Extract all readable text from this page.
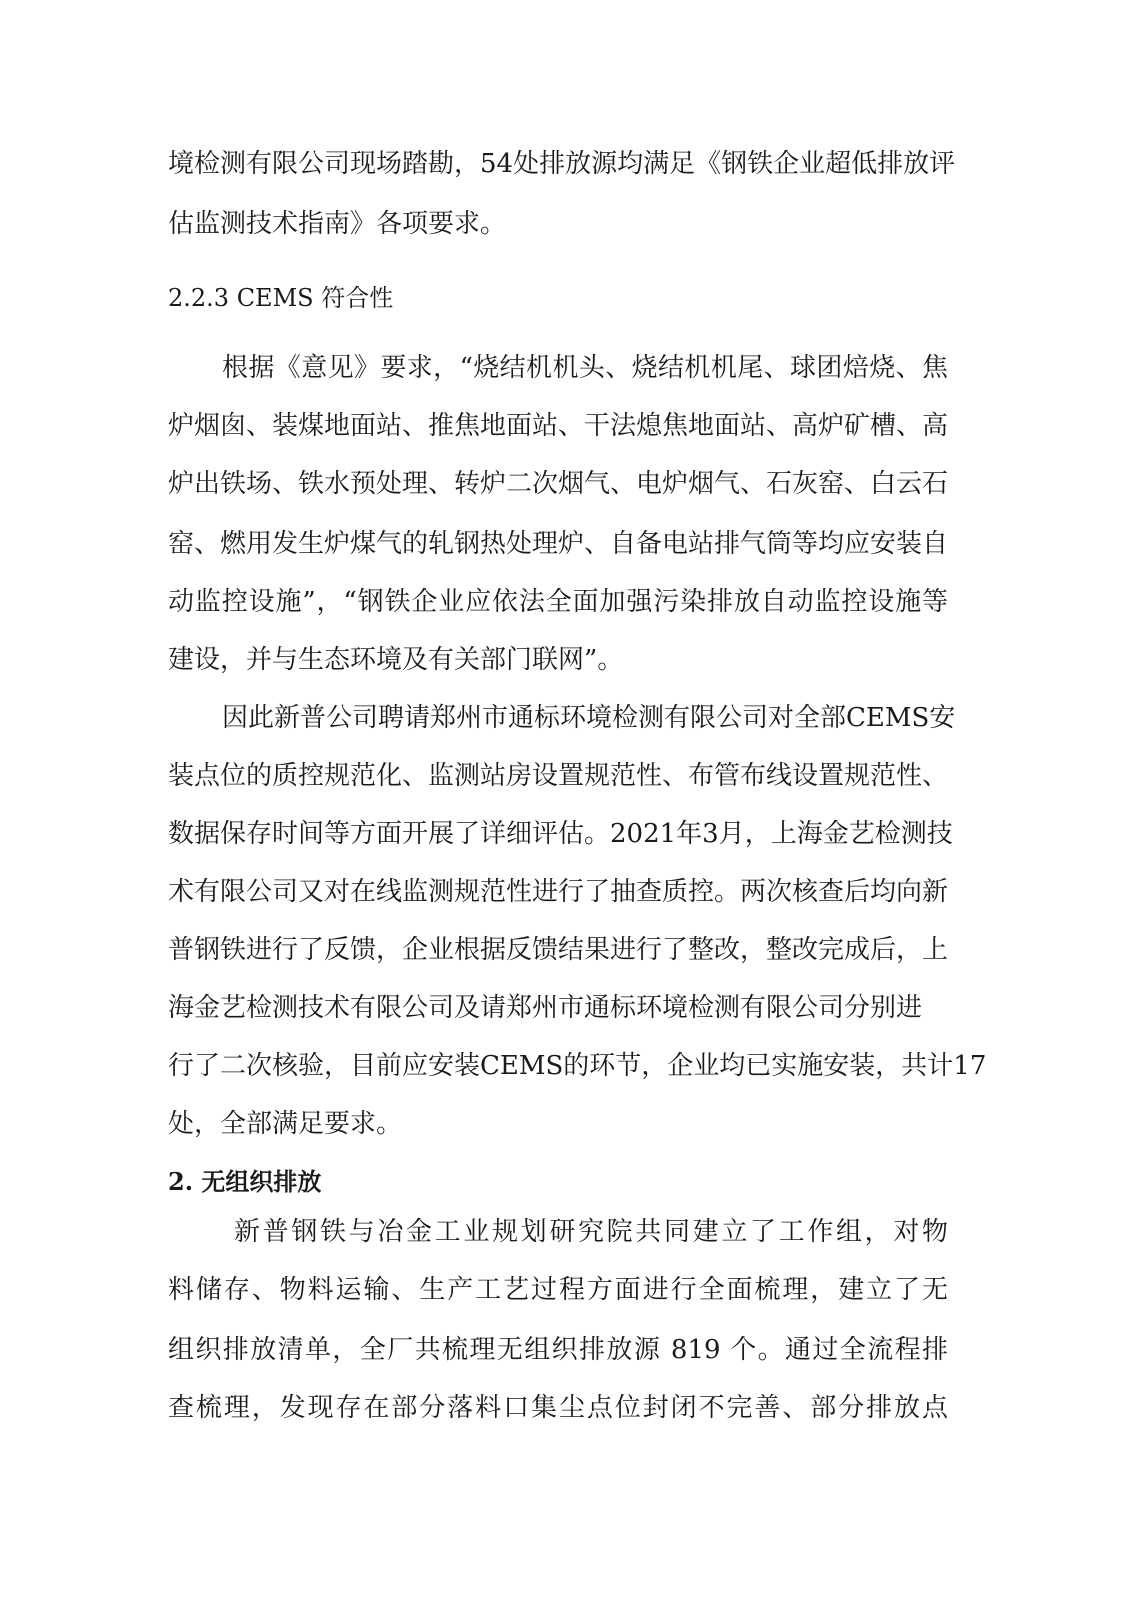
境检测有限公司现场踏勘，54处排放源均满足《钢铁企业超低排放评
估监测技术指南》各项要求。
2.2.3 CEMS 符合性
根据《意见》要求，“烧结机机头、烧结机机尾、球团焙烧、焦
炉烟囱、装煤地面站、推焦地面站、干法熄焦地面站、高炉矿槽、高
炉出铁场、铁水预处理、转炉二次烟气、电炉烟气、石灰窑、白云石
窑、燃用发生炉煤气的轧钢热处理炉、自备电站排气筒等均应安装自
动监控设施”，“钢铁企业应依法全面加强污染排放自动监控设施等
建设，并与生态环境及有关部门联网”。
因此新普公司聘请郑州市通标环境检测有限公司对全部CEMS安
装点位的质控规范化、监测站房设置规范性、布管布线设置规范性、
数据保存时间等方面开展了详细评估。2021年3月，上海金艺检测技
术有限公司又对在线监测规范性进行了抽查质控。两次核查后均向新
普钢铁进行了反馈，企业根据反馈结果进行了整改，整改完成后，上
海金艺检测技术有限公司及请郑州市通标环境检测有限公司分别进
行了二次核验，目前应安装CEMS的环节，企业均已实施安装，共计17
处，全部满足要求。
2. 无组织排放
新普钢铁与冶金工业规划研究院共同建立了工作组，对物
料储存、物料运输、生产工艺过程方面进行全面梳理，建立了无
组织排放清单，全厂共梳理无组织排放源 819 个。通过全流程排
查梳理，发现存在部分落料口集尘点位封闭不完善、部分排放点
